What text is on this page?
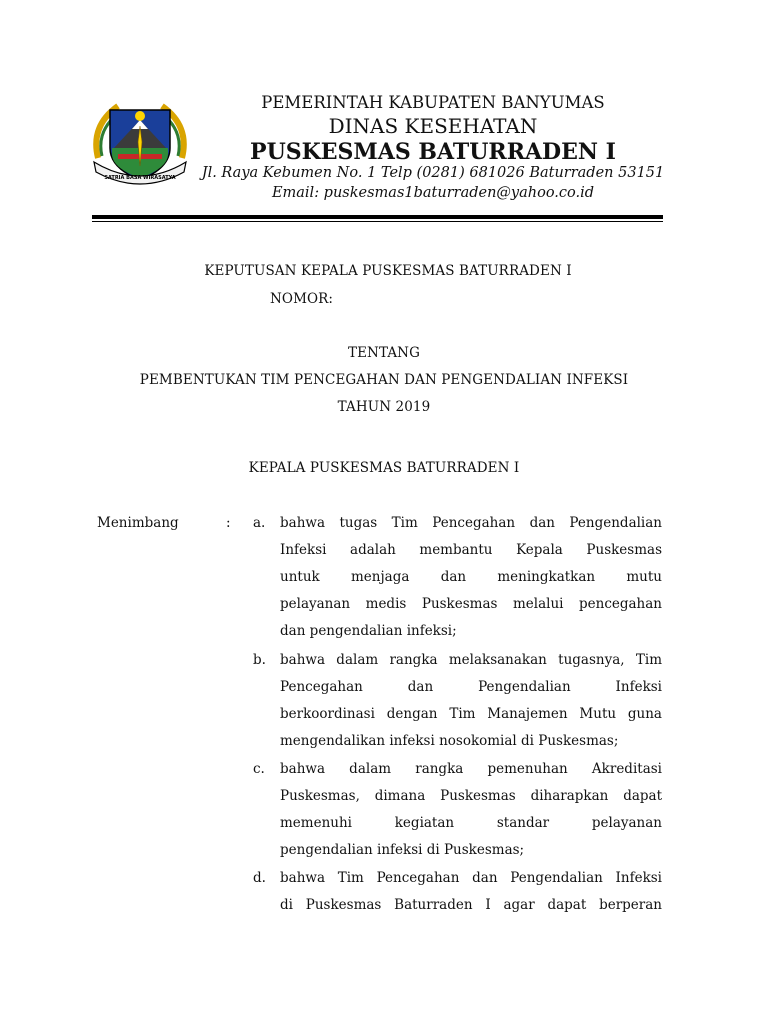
SATRIA BASA WIRASATYA
PEMERINTAH KABUPATEN BANYUMAS
DINAS KESEHATAN
PUSKESMAS BATURRADEN I
Jl. Raya Kebumen No. 1 Telp (0281) 681026 Baturraden 53151
Email: puskesmas1baturraden@yahoo.co.id
KEPUTUSAN KEPALA PUSKESMAS BATURRADEN I
NOMOR:
TENTANG
PEMBENTUKAN TIM PENCEGAHAN DAN PENGENDALIAN INFEKSI
TAHUN 2019
KEPALA PUSKESMAS BATURRADEN I
Menimbang	: a.	bahwa tugas Tim Pencegahan dan Pengendalian
Infeksi adalah membantu Kepala Puskesmas
untuk menjaga dan meningkatkan mutu
pelayanan medis Puskesmas melalui pencegahan
dan pengendalian infeksi;
b.	bahwa dalam rangka melaksanakan tugasnya, Tim
Pencegahan dan Pengendalian Infeksi
berkoordinasi dengan Tim Manajemen Mutu guna
mengendalikan infeksi nosokomial di Puskesmas;
c.	bahwa dalam rangka pemenuhan Akreditasi
Puskesmas, dimana Puskesmas diharapkan dapat
memenuhi kegiatan standar pelayanan
pengendalian infeksi di Puskesmas;
d.	bahwa Tim Pencegahan dan Pengendalian Infeksi
di Puskesmas Baturraden I agar dapat berperan
